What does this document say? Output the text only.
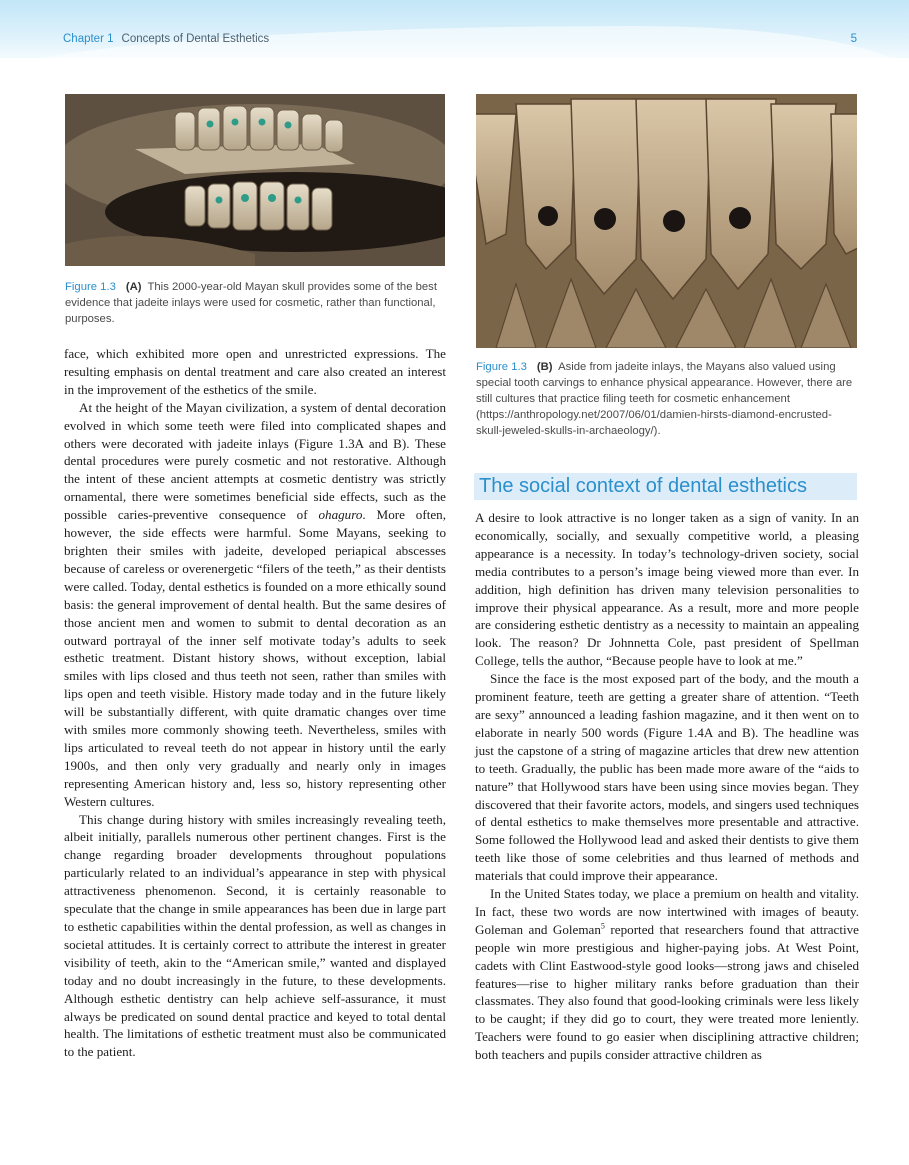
Chapter 1 Concepts of Dental Esthetics	5
Figure 1.3 (A) This 2000-year-old Mayan skull provides some of the best evidence that jadeite inlays were used for cosmetic, rather than functional, purposes.
Figure 1.3 (B) Aside from jadeite inlays, the Mayans also valued using special tooth carvings to enhance physical appearance. However, there are still cultures that practice filing teeth for cosmetic enhancement (https://anthropology.net/2007/06/01/damien-hirsts-diamond-encrusted-skull-jeweled-skulls-in-archaeology/).

face, which exhibited more open and unrestricted expressions. The resulting emphasis on dental treatment and care also created an interest in the improvement of the esthetics of the smile.

At the height of the Mayan civilization, a system of dental decoration evolved in which some teeth were filed into complicated shapes and others were decorated with jadeite inlays (Figure 1.3A and B). These dental procedures were purely cosmetic and not restorative. Although the intent of these ancient attempts at cosmetic dentistry was strictly ornamental, there were sometimes beneficial side effects, such as the possible caries-preventive consequence of ohaguro. More often, however, the side effects were harmful. Some Mayans, seeking to brighten their smiles with jadeite, developed periapical abscesses because of careless or overenergetic “filers of the teeth,” as their dentists were called. Today, dental esthetics is founded on a more ethically sound basis: the general improvement of dental health. But the same desires of those ancient men and women to submit to dental decoration as an outward portrayal of the inner self motivate today’s adults to seek esthetic treatment. Distant history shows, without exception, labial smiles with lips closed and thus teeth not seen, rather than smiles with lips open and teeth visible. History made today and in the future likely will be substantially different, with quite dramatic changes over time with smiles more commonly showing teeth. Nevertheless, smiles with lips articulated to reveal teeth do not appear in history until the early 1900s, and then only very gradually and nearly only in images representing American history and, less so, history representing other Western cultures.

This change during history with smiles increasingly revealing teeth, albeit initially, parallels numerous other pertinent changes. First is the change regarding broader developments throughout populations particularly related to an individual’s appearance in step with physical attractiveness phenomenon. Second, it is certainly reasonable to speculate that the change in smile appearances has been due in large part to esthetic capabilities within the dental profession, as well as changes in societal attitudes. It is certainly correct to attribute the interest in greater visibility of teeth, akin to the “American smile,” wanted and displayed today and no doubt increasingly in the future, to these developments. Although esthetic dentistry can help achieve self-assurance, it must always be predicated on sound dental practice and keyed to total dental health. The limitations of esthetic treatment must also be communicated to the patient.

The social context of dental esthetics

A desire to look attractive is no longer taken as a sign of vanity. In an economically, socially, and sexually competitive world, a pleasing appearance is a necessity. In today’s technology-driven society, social media contributes to a person’s image being viewed more than ever. In addition, high definition has driven many television personalities to improve their physical appearance. As a result, more and more people are considering esthetic dentistry as a necessity to maintain an appealing look. The reason? Dr Johnnetta Cole, past president of Spellman College, tells the author, “Because people have to look at me.”

Since the face is the most exposed part of the body, and the mouth a prominent feature, teeth are getting a greater share of attention. “Teeth are sexy” announced a leading fashion magazine, and it then went on to elaborate in nearly 500 words (Figure 1.4A and B). The headline was just the capstone of a string of magazine articles that drew new attention to teeth. Gradually, the public has been made more aware of the “aids to nature” that Hollywood stars have been using since movies began. They discovered that their favorite actors, models, and singers used techniques of dental esthetics to make themselves more presentable and attractive. Some followed the Hollywood lead and asked their dentists to give them teeth like those of some celebrities and thus learned of methods and materials that could improve their appearance.

In the United States today, we place a premium on health and vitality. In fact, these two words are now intertwined with images of beauty. Goleman and Goleman$^5$ reported that researchers found that attractive people win more prestigious and higher-paying jobs. At West Point, cadets with Clint Eastwood-style good looks—strong jaws and chiseled features—rise to higher military ranks before graduation than their classmates. They also found that good-looking criminals were less likely to be caught; if they did go to court, they were treated more leniently. Teachers were found to go easier when disciplining attractive children; both teachers and pupils consider attractive children as
